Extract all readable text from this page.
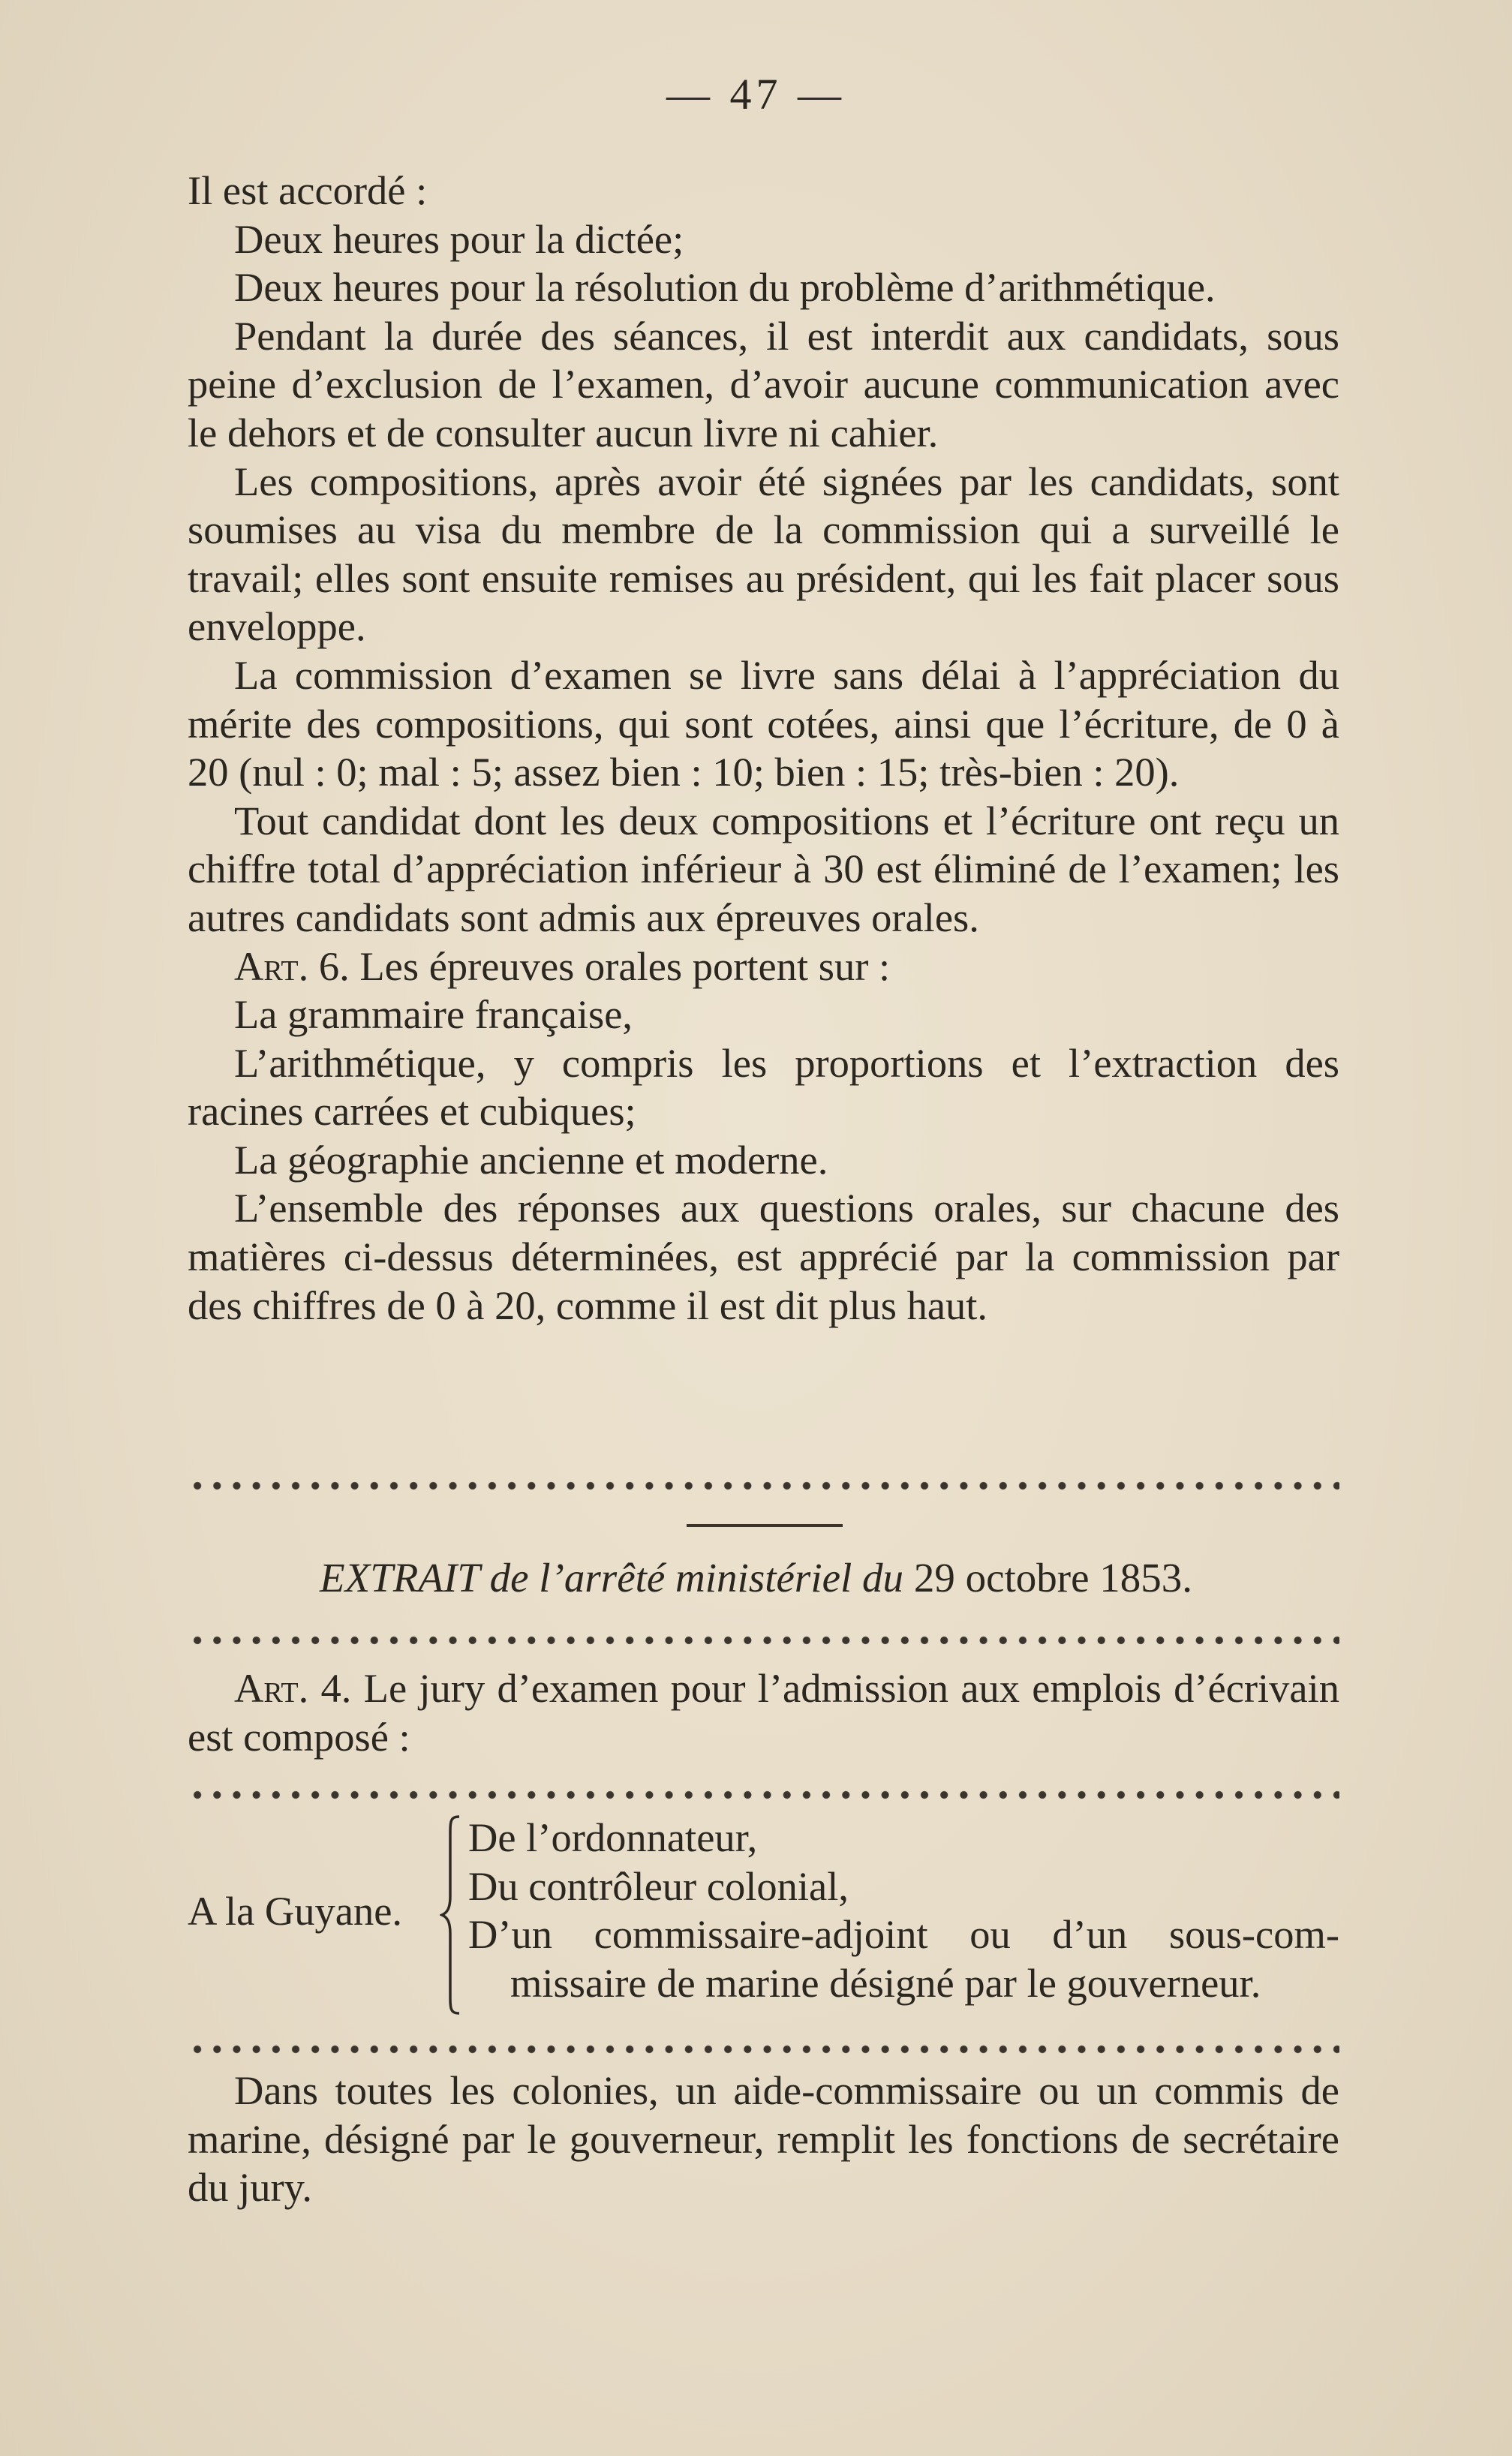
— 47 —

Il est accordé :

Deux heures pour la dictée;

Deux heures pour la résolution du problème d’arithmétique.

Pendant la durée des séances, il est interdit aux candidats, sous peine d’exclusion de l’examen, d’avoir aucune communication avec le dehors et de consulter aucun livre ni cahier.

Les compositions, après avoir été signées par les candidats, sont soumises au visa du membre de la commission qui a surveillé le travail; elles sont ensuite remises au président, qui les fait placer sous enveloppe.

La commission d’examen se livre sans délai à l’appréciation du mérite des compositions, qui sont cotées, ainsi que l’écriture, de 0 à 20 (nul : 0; mal : 5; assez bien : 10; bien : 15; très-bien : 20).

Tout candidat dont les deux compositions et l’écriture ont reçu un chiffre total d’appréciation inférieur à 30 est éliminé de l’examen; les autres candidats sont admis aux épreuves orales.

Art. 6. Les épreuves orales portent sur :

La grammaire française,

L’arithmétique, y compris les proportions et l’extraction des racines carrées et cubiques;

La géographie ancienne et moderne.

L’ensemble des réponses aux questions orales, sur chacune des matières ci-dessus déterminées, est apprécié par la commission par des chiffres de 0 à 20, comme il est dit plus haut.

EXTRAIT de l’arrêté ministériel du 29 octobre 1853.

Art. 4. Le jury d’examen pour l’admission aux emplois d’écrivain est composé :

A la Guyane.

De l’ordonnateur,

Du contrôleur colonial,

D’un commissaire-adjoint ou d’un sous-com-

missaire de marine désigné par le gouverneur.

Dans toutes les colonies, un aide-commissaire ou un commis de marine, désigné par le gouverneur, remplit les fonctions de secrétaire du jury.
